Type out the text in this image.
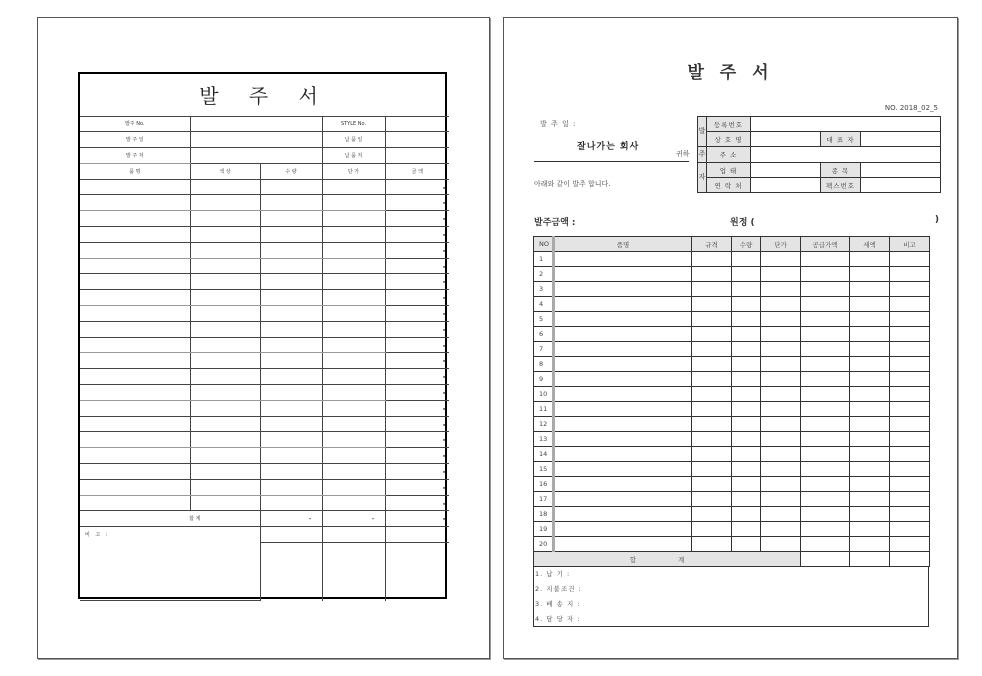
발 주 서				
발주 No.			STYLE No.	
발 주 일			납 품 일	
발 주 처			납 품 처	
품 명	색 상	수 량	단 가	금 액
				-
				-
				-
				-
				-
				-
				-
				-
				-
				-
				-
				-
				-
				-
				-
				-
				-
				-
				-
				-
				-
합 계		-	-	-
비 고 :				

발 주 서
NO. 2018_02_5
발 주 일 :
잘나가는 회사
귀하
아래와 같이 발주 합니다.
발	등록번호			
	상 호 명		대 표 자	
주	주 소			
자	업 태		종 목	
	연 락 처		팩스번호	
발주금액 :	원정 (	)
NO	품명	규격	수량	단가	공급가액	세액	비고
1							
2							
3							
4							
5							
6							
7							
8							
9							
10							
11							
12							
13							
14							
15							
16							
17							
18							
19							
20							
합 계							
1. 납 기 :
2. 지불조건 :
3. 배 송 지 :
4. 담 당 자 :
